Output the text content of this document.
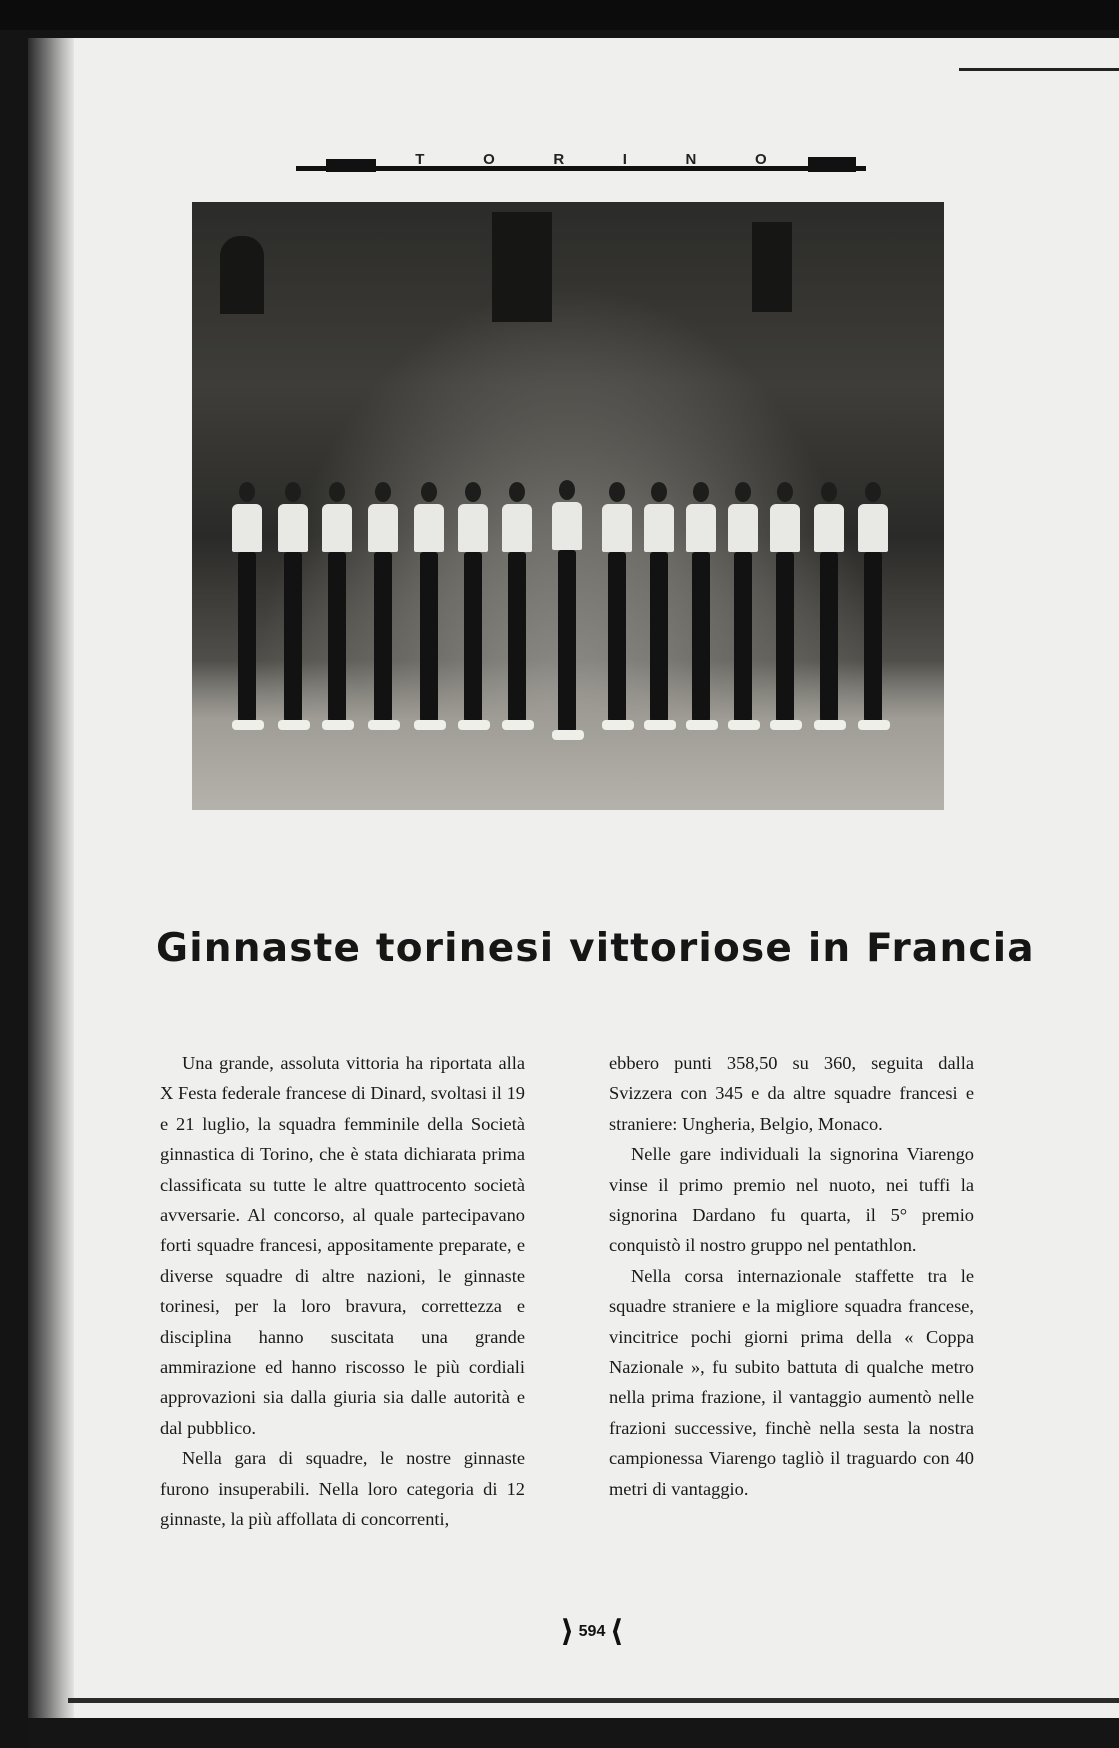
T	O	R	I	N	O
Ginnaste torinesi vittoriose in Francia

Una grande, assoluta vittoria ha riportata alla X Festa federale francese di Dinard, svoltasi il 19 e 21 luglio, la squadra femminile della Società ginnastica di Torino, che è stata dichiarata prima classificata su tutte le altre quattrocento società avversarie. Al concorso, al quale partecipavano forti squadre francesi, appositamente preparate, e diverse squadre di altre nazioni, le ginnaste torinesi, per la loro bravura, correttezza e disciplina hanno suscitata una grande ammirazione ed hanno riscosso le più cordiali approvazioni sia dalla giuria sia dalle autorità e dal pubblico.

Nella gara di squadre, le nostre ginnaste furono insuperabili. Nella loro categoria di 12 ginnaste, la più affollata di concorrenti,

ebbero punti 358,50 su 360, seguita dalla Svizzera con 345 e da altre squadre francesi e straniere: Ungheria, Belgio, Monaco.

Nelle gare individuali la signorina Viarengo vinse il primo premio nel nuoto, nei tuffi la signorina Dardano fu quarta, il 5° premio conquistò il nostro gruppo nel pentathlon.

Nella corsa internazionale staffette tra le squadre straniere e la migliore squadra francese, vincitrice pochi giorni prima della « Coppa Nazionale », fu subito battuta di qualche metro nella prima frazione, il vantaggio aumentò nelle frazioni successive, finchè nella sesta la nostra campionessa Viarengo tagliò il traguardo con 40 metri di vantaggio.

⟩ 594 ⟨
